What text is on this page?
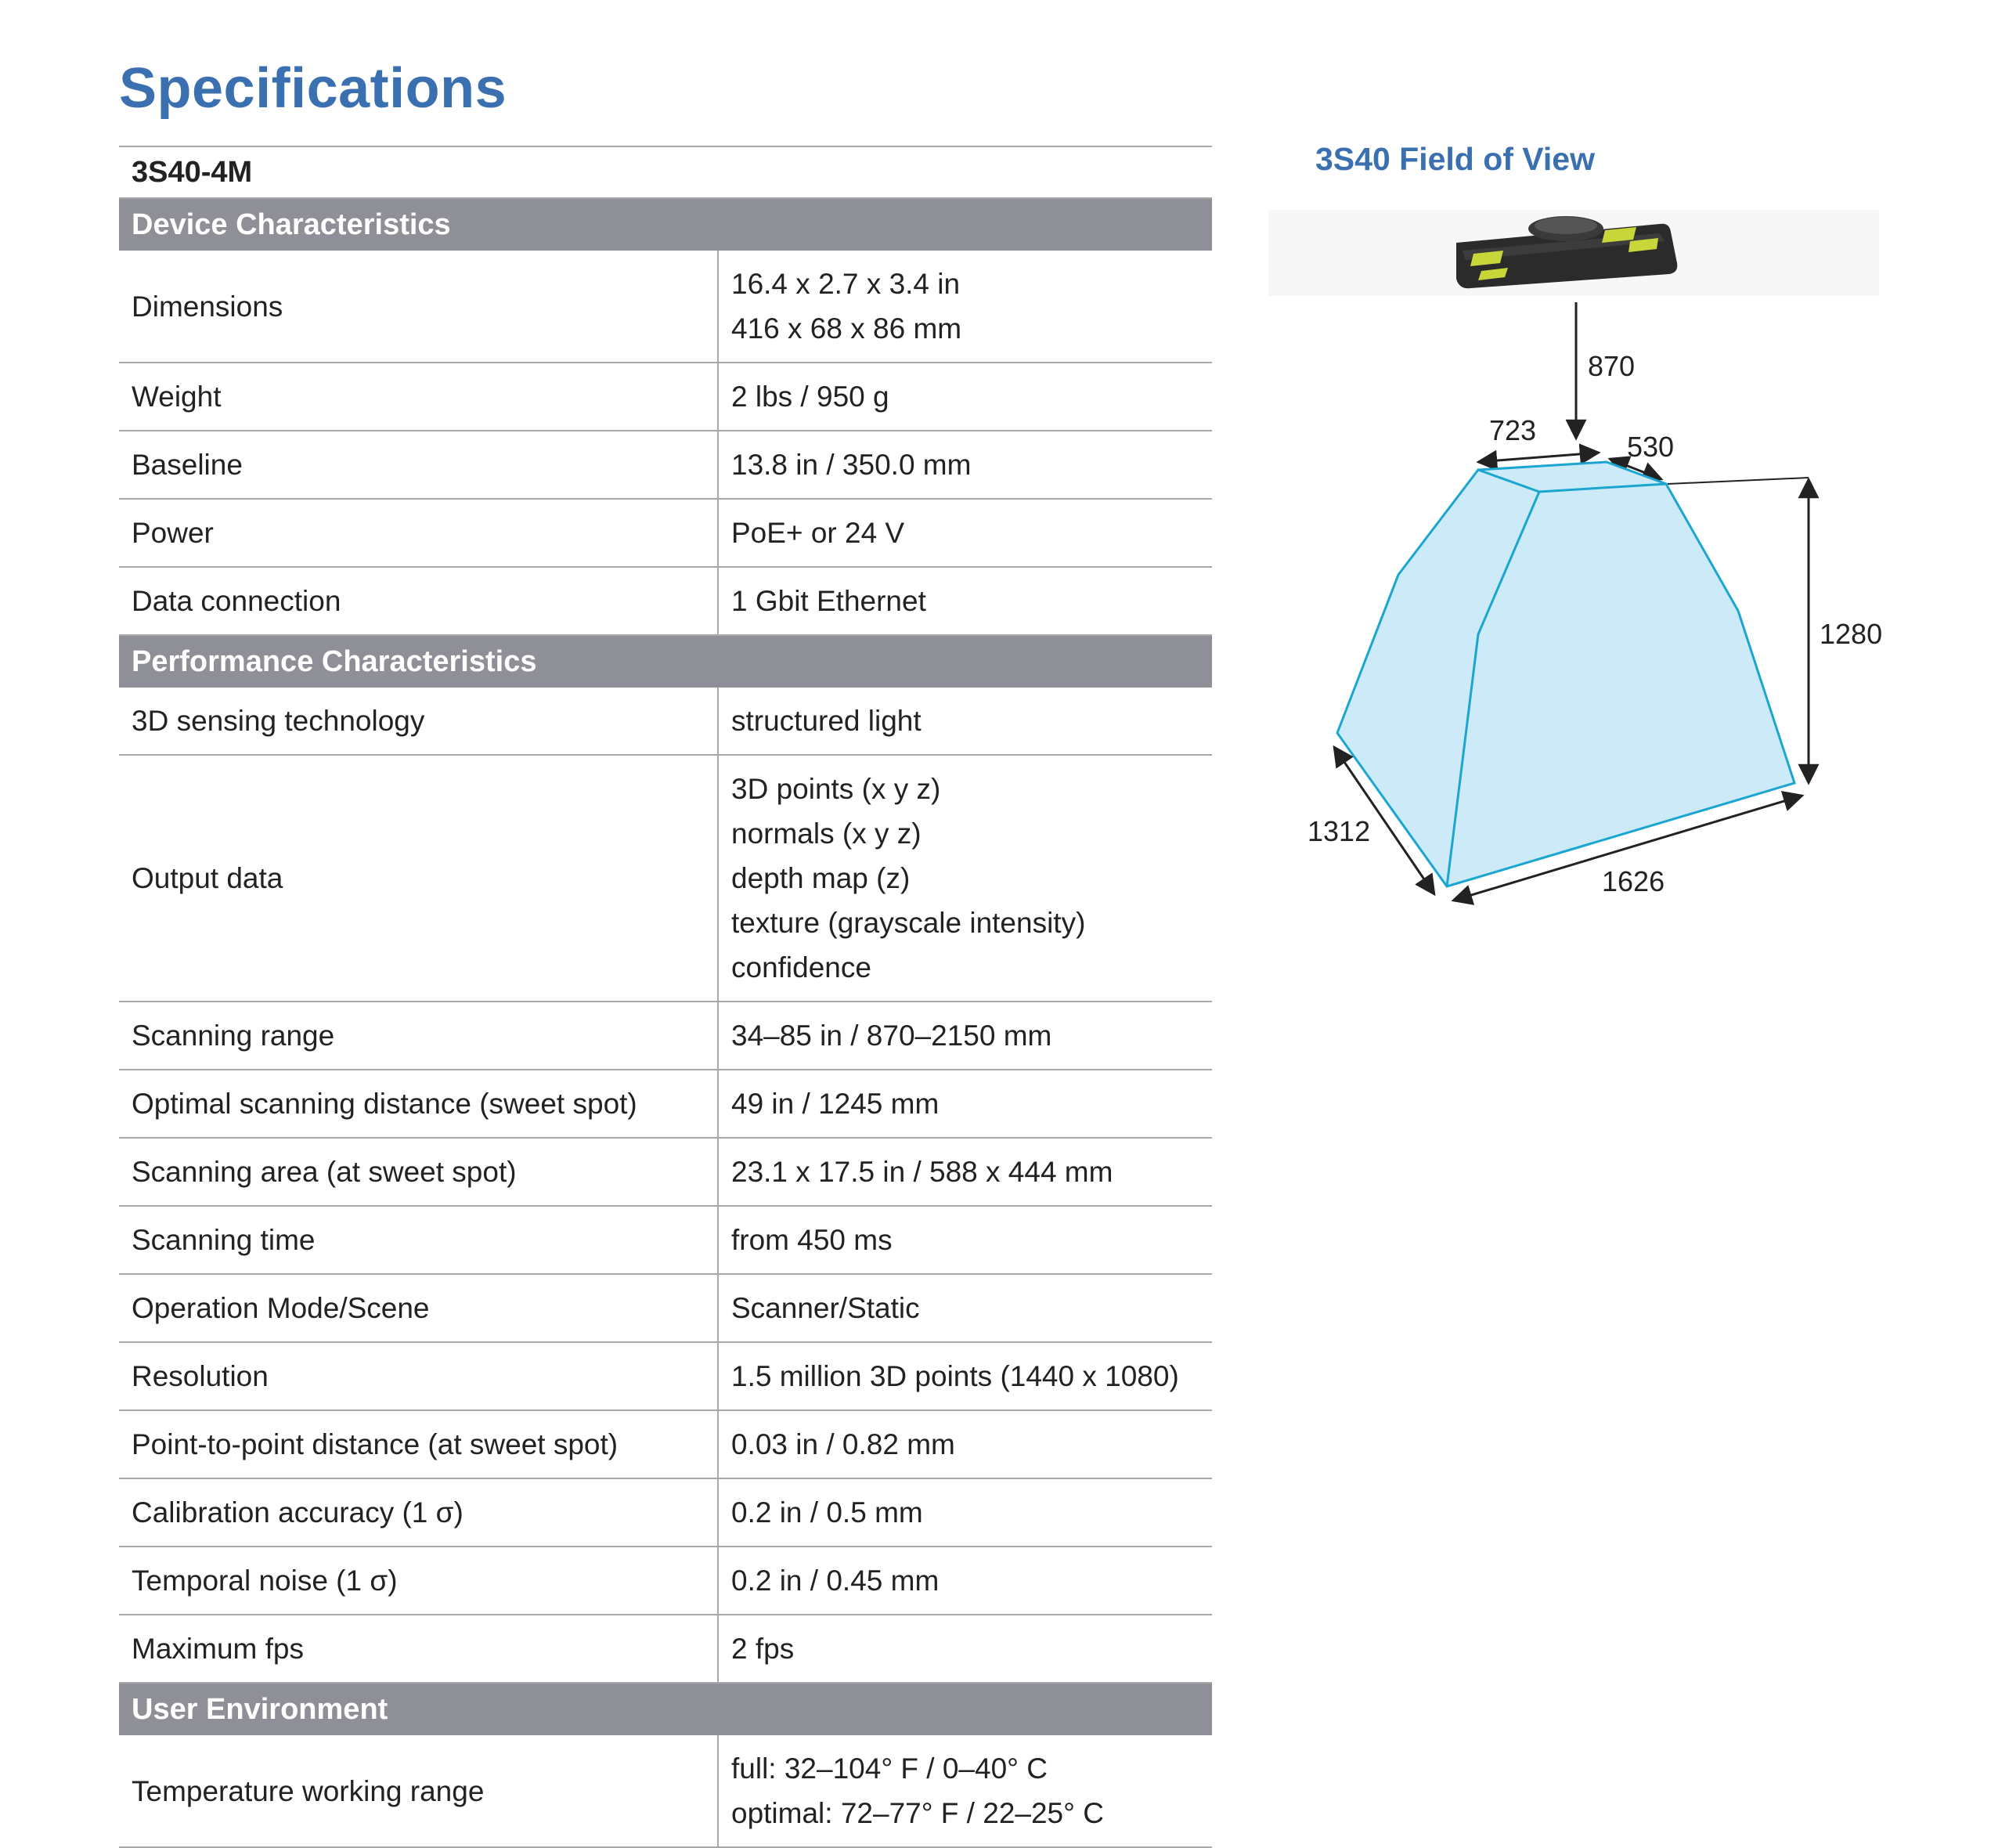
Specifications
3S40-4M	
Device Characteristics	
Dimensions	16.4 x 2.7 x 3.4 in
416 x 68 x 86 mm

Weight	2 lbs / 950 g

Baseline	13.8 in / 350.0 mm

Power	PoE+ or 24 V

Data connection	1 Gbit Ethernet

Performance Characteristics	
3D sensing technology	structured light

Output data	3D points (x y z)
normals (x y z)
depth map (z)
texture (grayscale intensity)
confidence

Scanning range	34–85 in / 870–2150 mm

Optimal scanning distance (sweet spot)	49 in / 1245 mm

Scanning area (at sweet spot)	23.1 x 17.5 in / 588 x 444 mm

Scanning time	from 450 ms

Operation Mode/Scene	Scanner/Static

Resolution	1.5 million 3D points (1440 x 1080)

Point-to-point distance (at sweet spot)	0.03 in / 0.82 mm

Calibration accuracy (1 σ)	0.2 in / 0.5 mm

Temporal noise (1 σ)	0.2 in / 0.45 mm

Maximum fps	2 fps

User Environment	
Temperature working range	full: 32–104° F / 0–40° C
optimal: 72–77° F / 22–25° C
3S40 Field of View
870
723
530
1280
1312
1626
